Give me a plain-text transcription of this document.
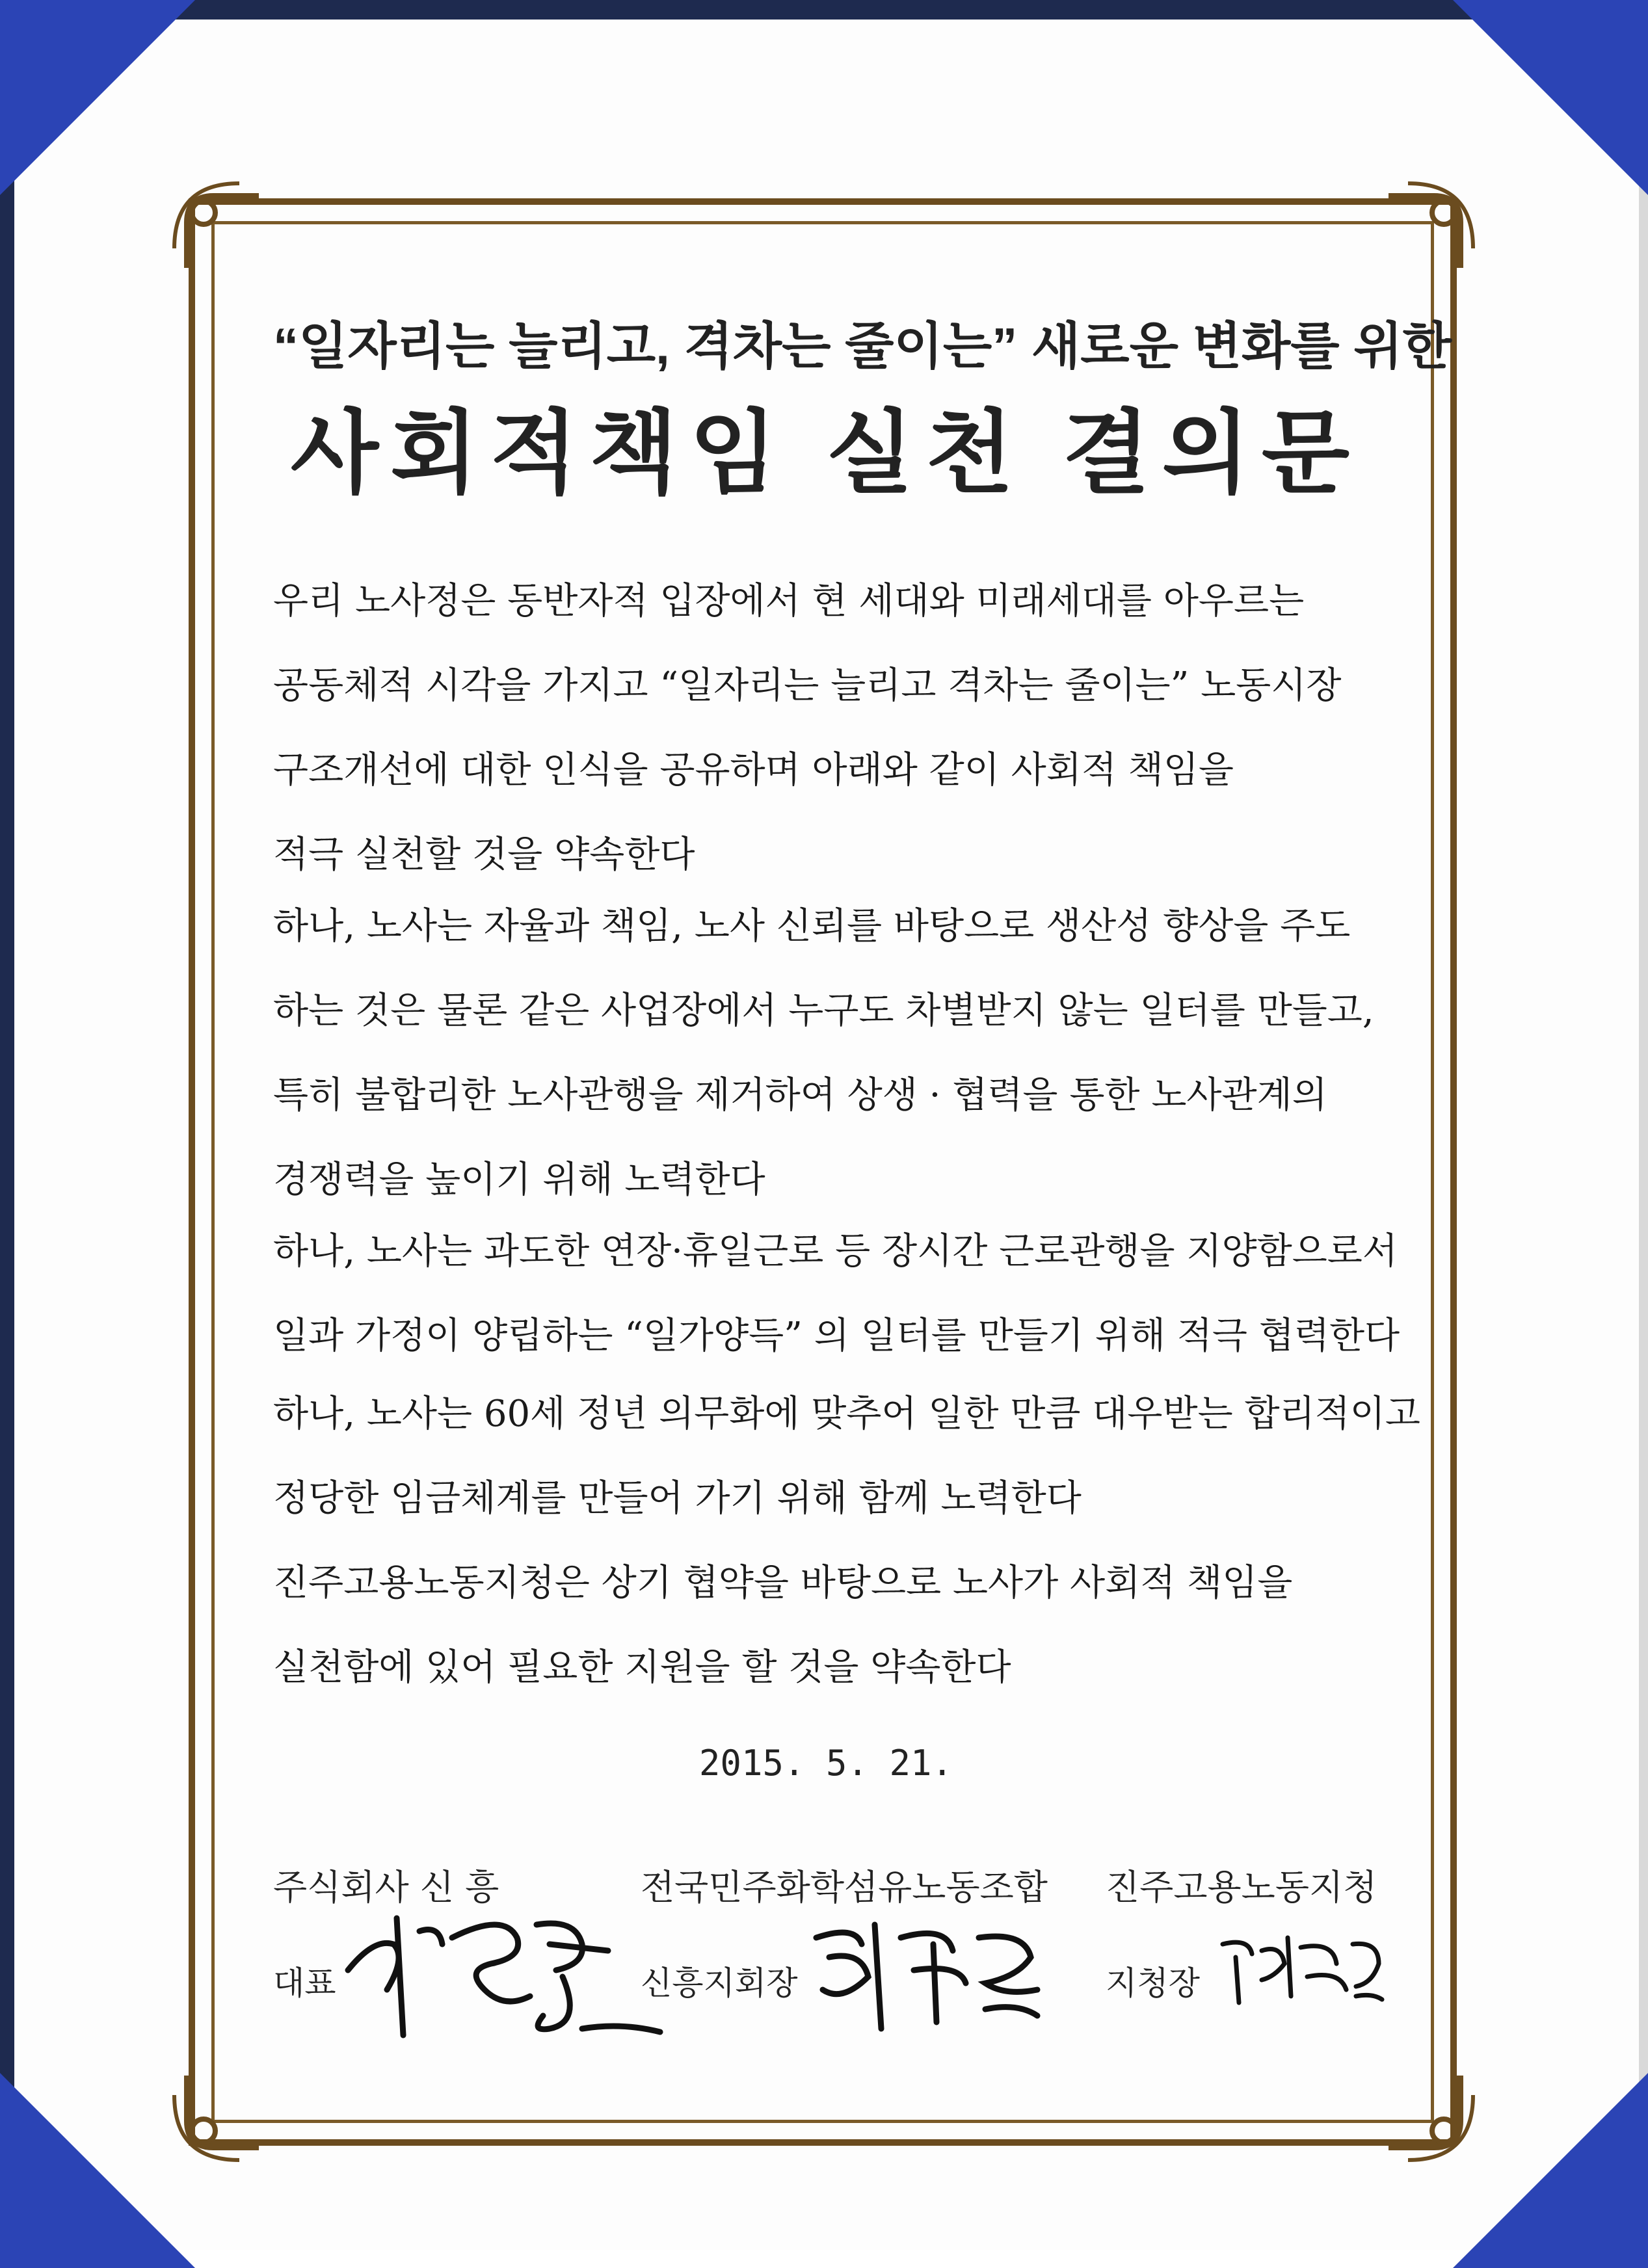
“일자리는 늘리고, 격차는 줄이는” 새로운 변화를 위한
사회적책임 실천 결의문
우리 노사정은 동반자적 입장에서 현 세대와 미래세대를 아우르는
공동체적 시각을 가지고 “일자리는 늘리고 격차는 줄이는” 노동시장
구조개선에 대한 인식을 공유하며 아래와 같이 사회적 책임을
적극 실천할 것을 약속한다
하나, 노사는 자율과 책임, 노사 신뢰를 바탕으로 생산성 향상을 주도
하는 것은 물론 같은 사업장에서 누구도 차별받지 않는 일터를 만들고,
특히 불합리한 노사관행을 제거하여 상생 · 협력을 통한 노사관계의
경쟁력을 높이기 위해 노력한다
하나, 노사는 과도한 연장·휴일근로 등 장시간 근로관행을 지양함으로서
일과 가정이 양립하는 “일가양득” 의 일터를 만들기 위해 적극 협력한다
하나, 노사는 60세 정년 의무화에 맞추어 일한 만큼 대우받는 합리적이고
정당한 임금체계를 만들어 가기 위해 함께 노력한다
진주고용노동지청은 상기 협약을 바탕으로 노사가 사회적 책임을
실천함에 있어 필요한 지원을 할 것을 약속한다
2015. 5. 21.
주식회사 신 흥
대표
전국민주화학섬유노동조합
신흥지회장
진주고용노동지청
지청장
